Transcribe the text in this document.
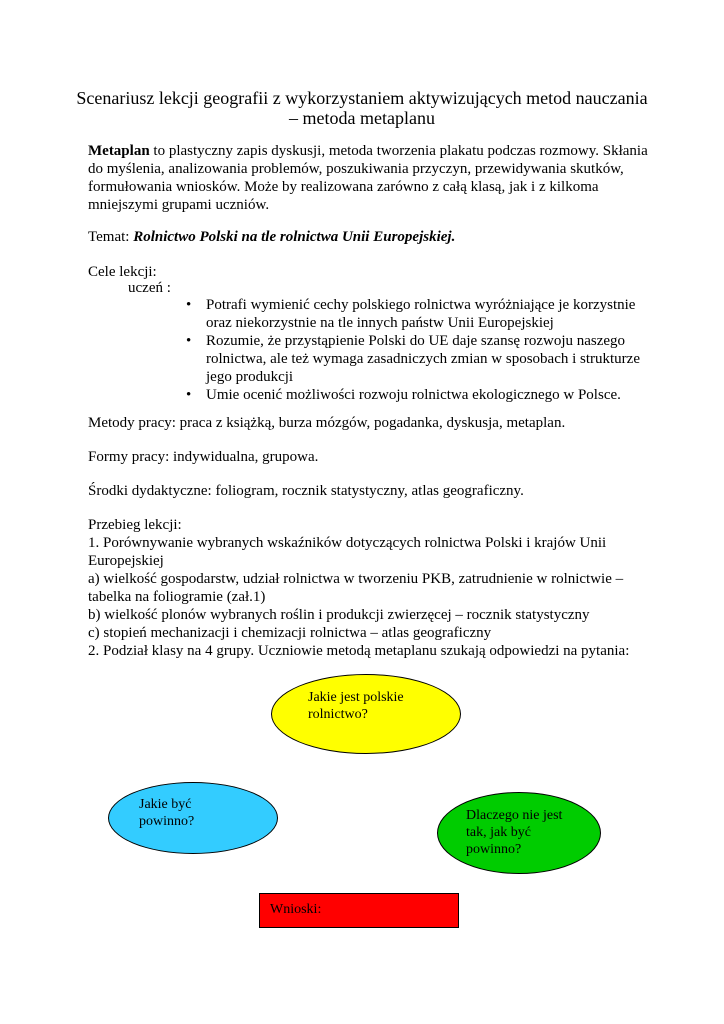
Scenariusz lekcji geografii z wykorzystaniem aktywizujących metod nauczania
– metoda metaplanu
Metaplan to plastyczny zapis dyskusji, metoda tworzenia plakatu podczas rozmowy. Skłania
do myślenia, analizowania problemów, poszukiwania przyczyn, przewidywania skutków,
formułowania wniosków. Może by realizowana zarówno z całą klasą, jak i z kilkoma
mniejszymi grupami uczniów.
Temat: Rolnictwo Polski na tle rolnictwa Unii Europejskiej.
Cele lekcji:
uczeń :
• Potrafi wymienić cechy polskiego rolnictwa wyróżniające je korzystnie
oraz niekorzystnie na tle innych państw Unii Europejskiej
• Rozumie, że przystąpienie Polski do UE daje szansę rozwoju naszego
rolnictwa, ale też wymaga zasadniczych zmian w sposobach i strukturze
jego produkcji
• Umie ocenić możliwości rozwoju rolnictwa ekologicznego w Polsce.
Metody pracy: praca z książką, burza mózgów, pogadanka, dyskusja, metaplan.
Formy pracy: indywidualna, grupowa.
Środki dydaktyczne: foliogram, rocznik statystyczny, atlas geograficzny.
Przebieg lekcji:
1. Porównywanie wybranych wskaźników dotyczących rolnictwa Polski i krajów Unii
Europejskiej
a) wielkość gospodarstw, udział rolnictwa w tworzeniu PKB, zatrudnienie w rolnictwie –
tabelka na foliogramie (zał.1)
b) wielkość plonów wybranych roślin i produkcji zwierzęcej – rocznik statystyczny
c) stopień mechanizacji i chemizacji rolnictwa – atlas geograficzny
2. Podział klasy na 4 grupy. Uczniowie metodą metaplanu szukają odpowiedzi na pytania:
Jakie jest polskie
rolnictwo?
Jakie być
powinno?	Dlaczego nie jest
tak, jak być
powinno?
Wnioski:
